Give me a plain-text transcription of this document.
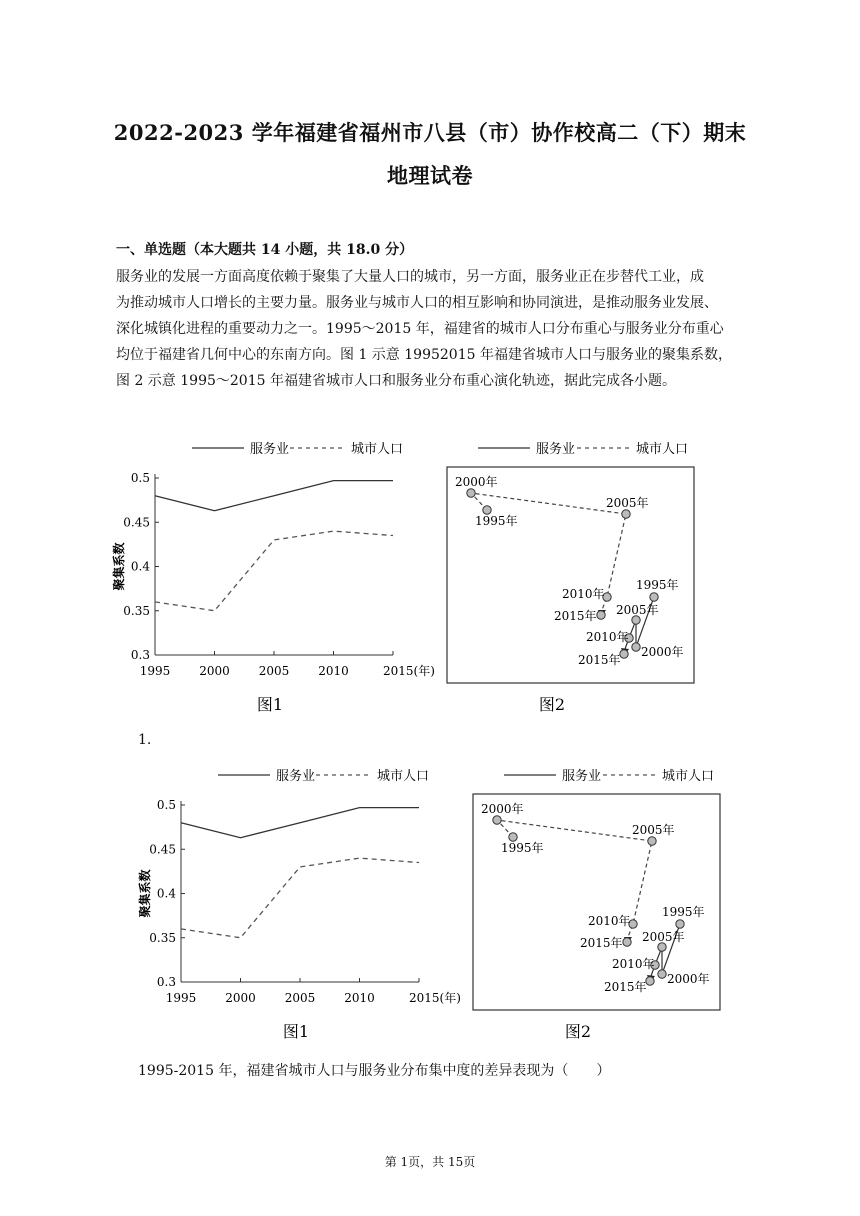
2022-2023 学年福建省福州市八县（市）协作校高二（下）期末
地理试卷
一、单选题（本大题共 14 小题，共 18.0 分）
服务业的发展一方面高度依赖于聚集了大量人口的城市，另一方面，服务业正在步替代工业，成
为推动城市人口增长的主要力量。服务业与城市人口的相互影响和协同演进，是推动服务业发展、
深化城镇化进程的重要动力之一。1995～2015 年，福建省的城市人口分布重心与服务业分布重心
均位于福建省几何中心的东南方向。图 1 示意 19952015 年福建省城市人口与服务业的聚集系数，
图 2 示意 1995～2015 年福建省城市人口和服务业分布重心演化轨迹，据此完成各小题。
服务业	城市人口
0.5
0.45
0.4
0.35
0.3
1995 2000 2005 2010	2015(年)
聚集系数
图1
服务业	城市人口
1995年
2000年
2005年
2010年
2015年
1995年
2000年
2005年
2010年
2015年
图2
1.
服务业	城市人口
0.5
0.45
0.4
0.35
0.3
1995 2000 2005 2010	2015(年)
聚集系数
图1
服务业	城市人口
1995年
2000年
2005年
2010年
2015年
1995年
2000年
2005年
2010年
2015年
图2
1995-2015 年，福建省城市人口与服务业分布集中度的差异表现为（　　）
第 1页，共 15页
